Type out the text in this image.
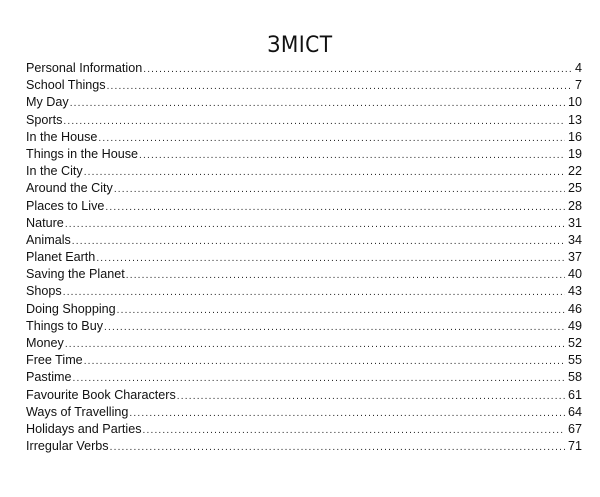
ЗМІСТ
Personal Information .....	4
School Things .....	7
My Day .....	10
Sports .....	13
In the House .....	16
Things in the House .....	19
In the City .....	22
Around the City .....	25
Places to Live .....	28
Nature .....	31
Animals .....	34
Planet Earth .....	37
Saving the Planet .....	40
Shops .....	43
Doing Shopping .....	46
Things to Buy .....	49
Money .....	52
Free Time .....	55
Pastime .....	58
Favourite Book Characters .....	61
Ways of Travelling .....	64
Holidays and Parties .....	67
Irregular Verbs .....	71
